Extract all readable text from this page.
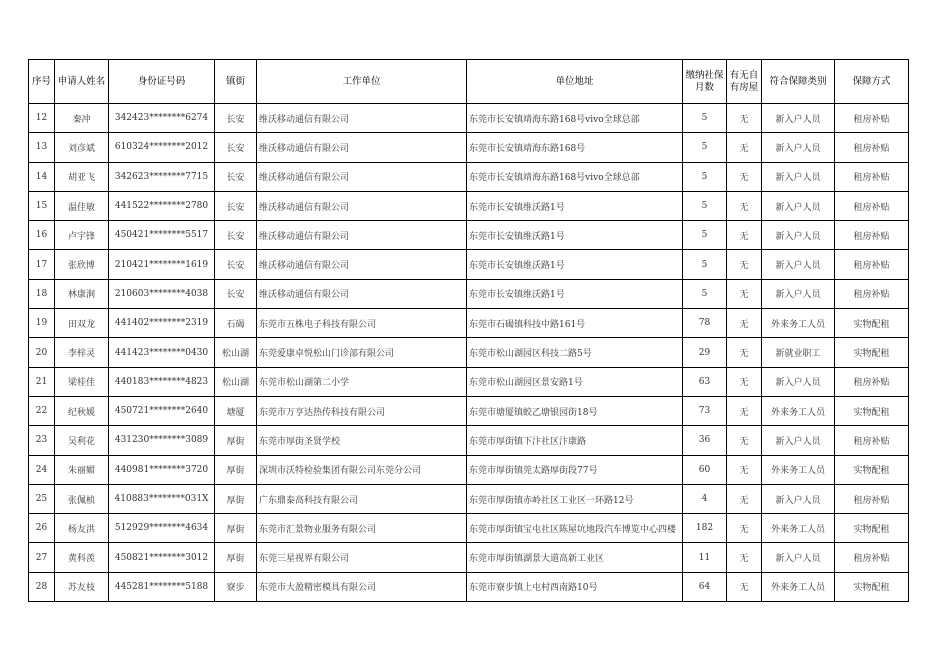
序号	申请人姓名	身份证号码	镇街	工作单位	单位地址	缴纳社保月数	有无自有房屋	符合保障类别	保障方式
12	秦冲	342423********6274	长安	维沃移动通信有限公司	东莞市长安镇靖海东路168号vivo全球总部	5	无	新入户人员	租房补贴
13	刘彦斌	610324********2012	长安	维沃移动通信有限公司	东莞市长安镇靖海东路168号	5	无	新入户人员	租房补贴
14	胡亚飞	342623********7715	长安	维沃移动通信有限公司	东莞市长安镇靖海东路168号vivo全球总部	5	无	新入户人员	租房补贴
15	温佳敏	441522********2780	长安	维沃移动通信有限公司	东莞市长安镇维沃路1号	5	无	新入户人员	租房补贴
16	卢宇锋	450421********5517	长安	维沃移动通信有限公司	东莞市长安镇维沃路1号	5	无	新入户人员	租房补贴
17	张欣博	210421********1619	长安	维沃移动通信有限公司	东莞市长安镇维沃路1号	5	无	新入户人员	租房补贴
18	林康涧	210603********4038	长安	维沃移动通信有限公司	东莞市长安镇维沃路1号	5	无	新入户人员	租房补贴
19	田双龙	441402********2319	石碣	东莞市五株电子科技有限公司	东莞市石碣镇科技中路161号	78	无	外来务工人员	实物配租
20	李梓灵	441423********0430	松山湖	东莞爱康卓悦松山门诊部有限公司	东莞市松山湖园区科技二路5号	29	无	新就业职工	实物配租
21	梁桂佳	440183********4823	松山湖	东莞市松山湖第二小学	东莞市松山湖园区景安路1号	63	无	新入户人员	租房补贴
22	纪秋媛	450721********2640	塘厦	东莞市万亨达热传科技有限公司	东莞市塘厦镇蛟乙塘银园街18号	73	无	外来务工人员	实物配租
23	吴利花	431230********3089	厚街	东莞市厚街圣贤学校	东莞市厚街镇下汴社区汴康路	36	无	新入户人员	租房补贴
24	朱丽媚	440981********3720	厚街	深圳市沃特检验集团有限公司东莞分公司	东莞市厚街镇莞太路厚街段77号	60	无	外来务工人员	实物配租
25	张佩桢	410883********031X	厚街	广东鼎泰高科技有限公司	东莞市厚街镇赤岭社区工业区一环路12号	4	无	新入户人员	租房补贴
26	杨友洪	512929********4634	厚街	东莞市汇景物业服务有限公司	东莞市厚街镇宝屯社区陈屋坑地段汽车博览中心四楼	182	无	外来务工人员	实物配租
27	黄科羡	450821********3012	厚街	东莞三星视界有限公司	东莞市厚街镇湖景大道高新工业区	11	无	新入户人员	租房补贴
28	苏友枝	445281********5188	寮步	东莞市大盈精密模具有限公司	东莞市寮步镇上屯村西南路10号	64	无	外来务工人员	实物配租
